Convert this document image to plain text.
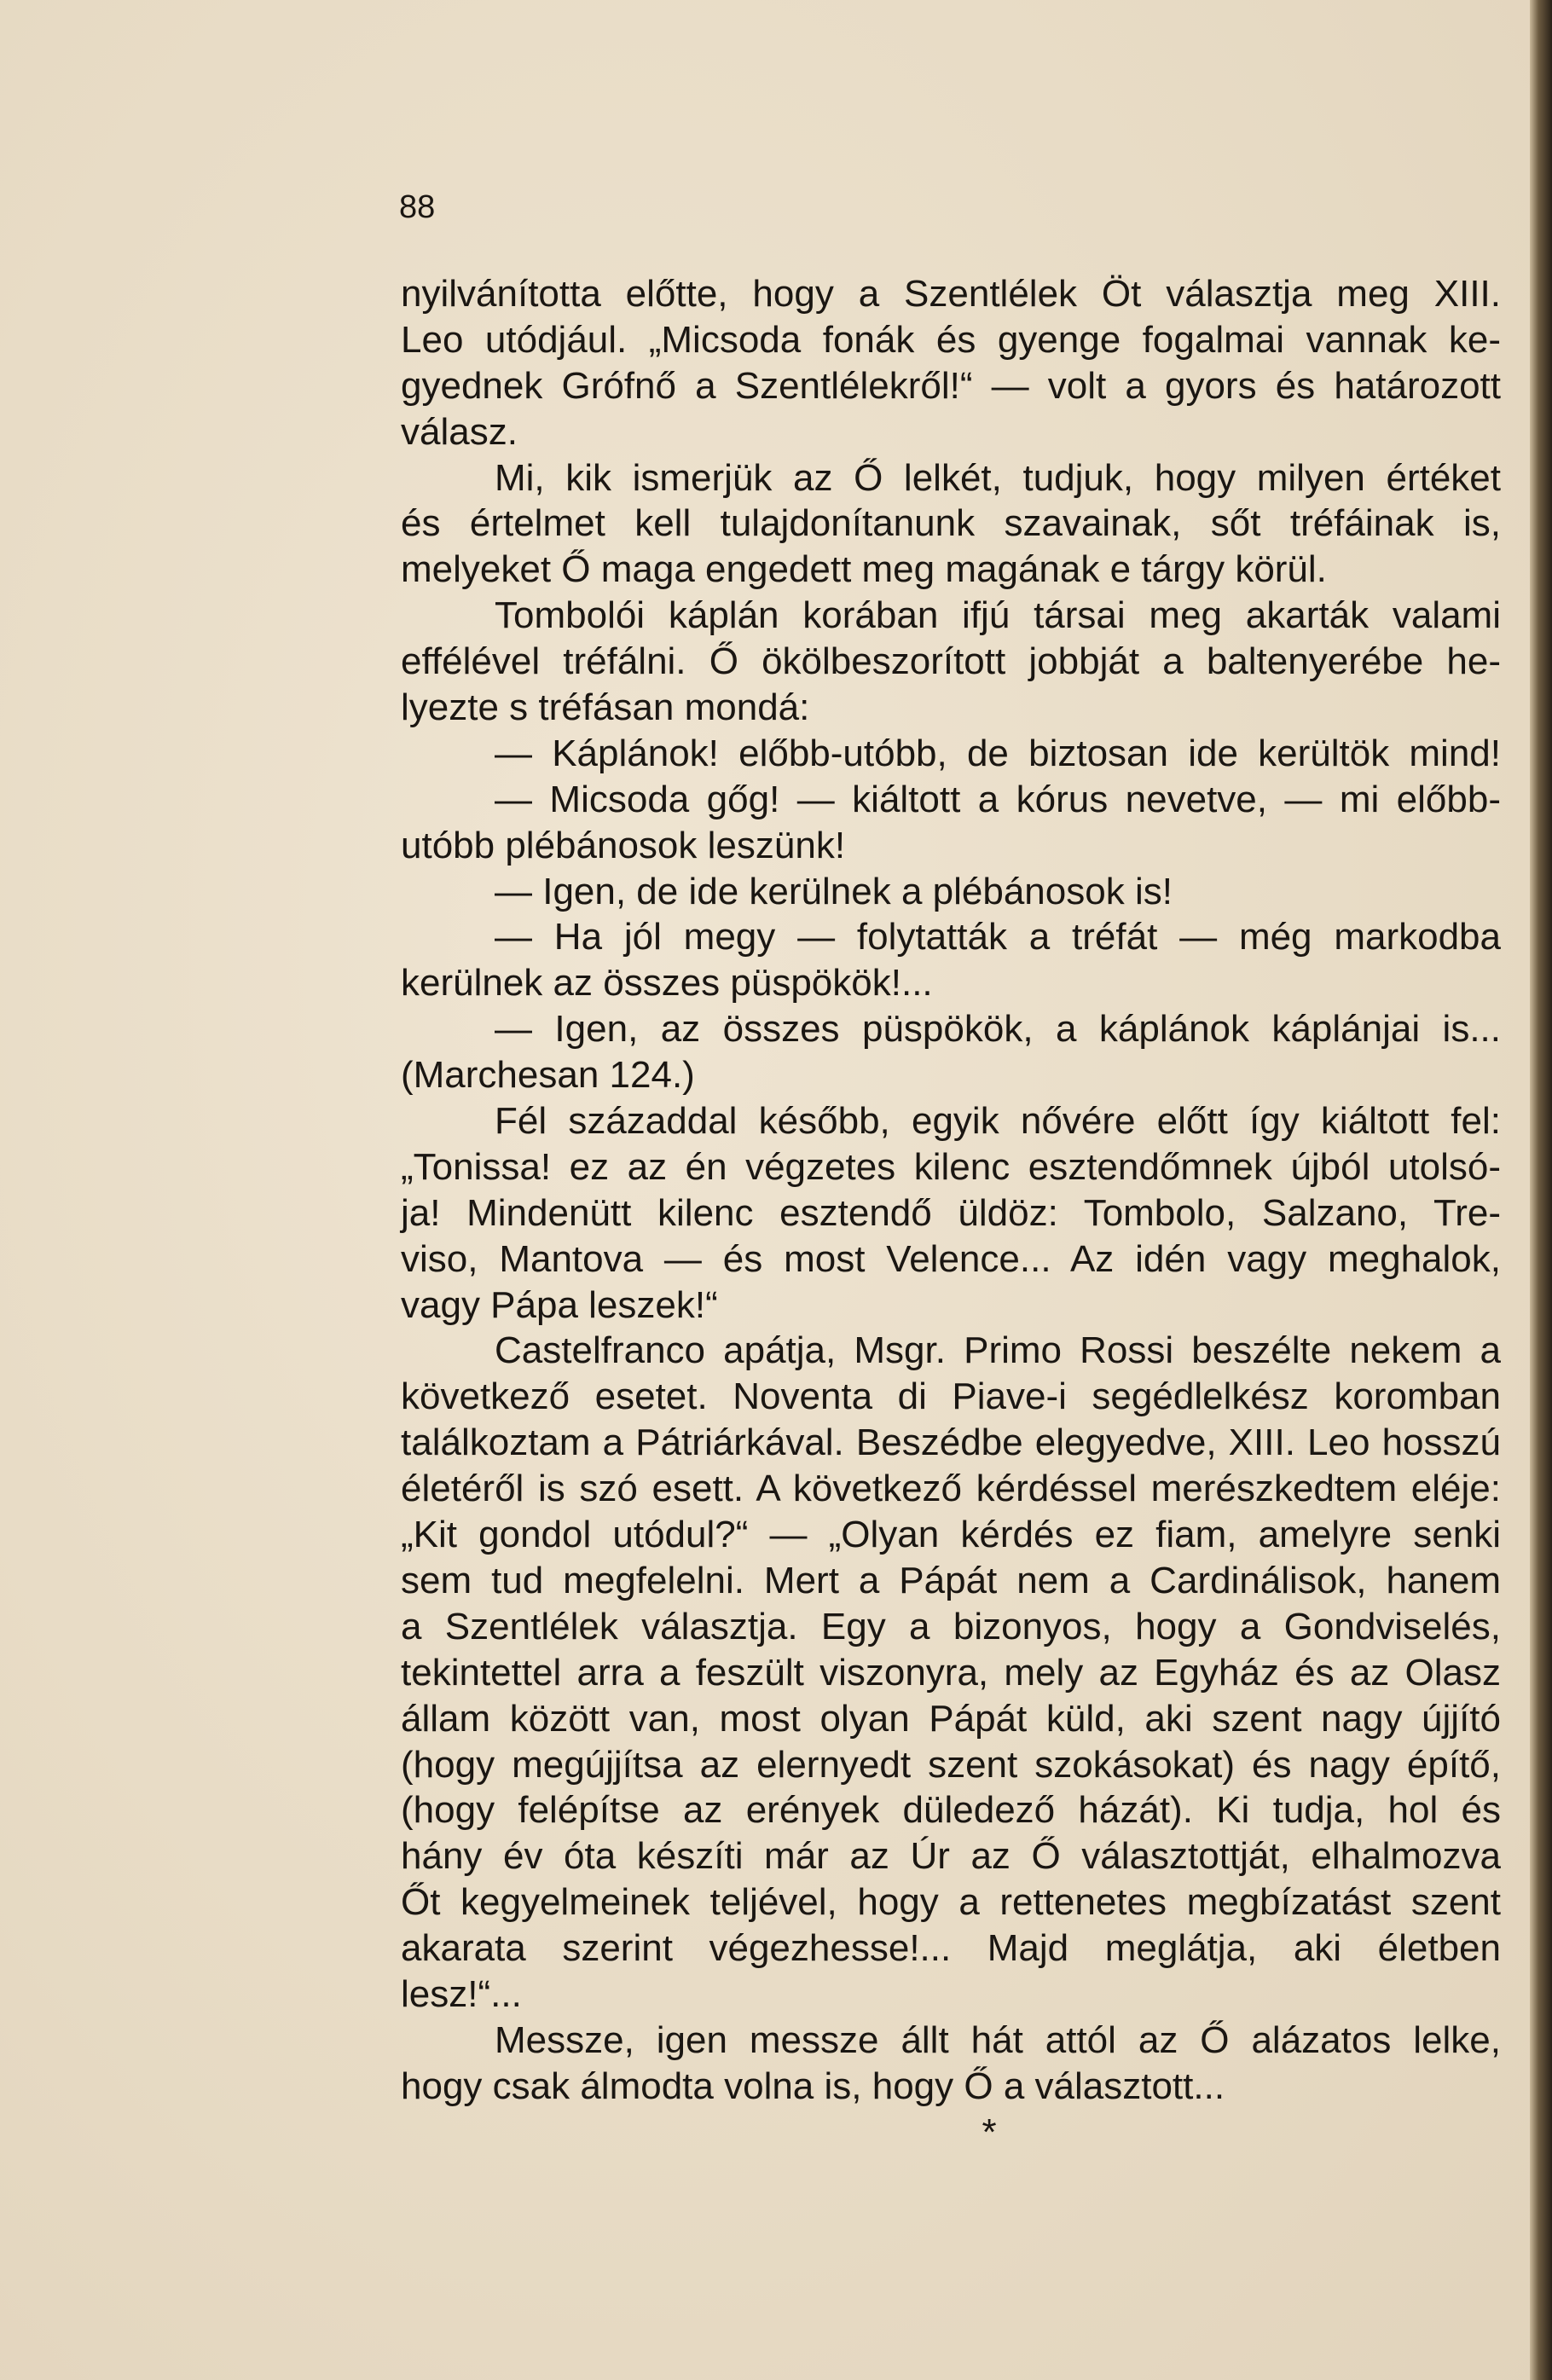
88
nyilvánította előtte, hogy a Szentlélek Öt választja meg XIII.
Leo utódjául. „Micsoda fonák és gyenge fogalmai vannak ke-
gyednek Grófnő a Szentlélekről!“ — volt a gyors és határozott
válasz.
Mi, kik ismerjük az Ő lelkét, tudjuk, hogy milyen értéket
és értelmet kell tulajdonítanunk szavainak, sőt tréfáinak is,
melyeket Ő maga engedett meg magának e tárgy körül.
Tombolói káplán korában ifjú társai meg akarták valami
effélével tréfálni. Ő ökölbeszorított jobbját a baltenyerébe he-
lyezte s tréfásan mondá:
— Káplánok! előbb-utóbb, de biztosan ide kerültök mind!
— Micsoda gőg! — kiáltott a kórus nevetve, — mi előbb-
utóbb plébánosok leszünk!
— Igen, de ide kerülnek a plébánosok is!
— Ha jól megy — folytatták a tréfát — még markodba
kerülnek az összes püspökök!...
— Igen, az összes püspökök, a káplánok káplánjai is...
(Marchesan 124.)
Fél századdal később, egyik nővére előtt így kiáltott fel:
„Tonissa! ez az én végzetes kilenc esztendőmnek újból utolsó-
ja! Mindenütt kilenc esztendő üldöz: Tombolo, Salzano, Tre-
viso, Mantova — és most Velence... Az idén vagy meghalok,
vagy Pápa leszek!“
Castelfranco apátja, Msgr. Primo Rossi beszélte nekem a
következő esetet. Noventa di Piave-i segédlelkész koromban
találkoztam a Pátriárkával. Beszédbe elegyedve, XIII. Leo hosszú
életéről is szó esett. A következő kérdéssel merészkedtem eléje:
„Kit gondol utódul?“ — „Olyan kérdés ez fiam, amelyre senki
sem tud megfelelni. Mert a Pápát nem a Cardinálisok, hanem
a Szentlélek választja. Egy a bizonyos, hogy a Gondviselés,
tekintettel arra a feszült viszonyra, mely az Egyház és az Olasz
állam között van, most olyan Pápát küld, aki szent nagy újjító
(hogy megújjítsa az elernyedt szent szokásokat) és nagy építő,
(hogy felépítse az erények düledező házát). Ki tudja, hol és
hány év óta készíti már az Úr az Ő választottját, elhalmozva
Őt kegyelmeinek teljével, hogy a rettenetes megbízatást szent
akarata szerint végezhesse!... Majd meglátja, aki életben
lesz!“...
Messze, igen messze állt hát attól az Ő alázatos lelke,
hogy csak álmodta volna is, hogy Ő a választott...
*
